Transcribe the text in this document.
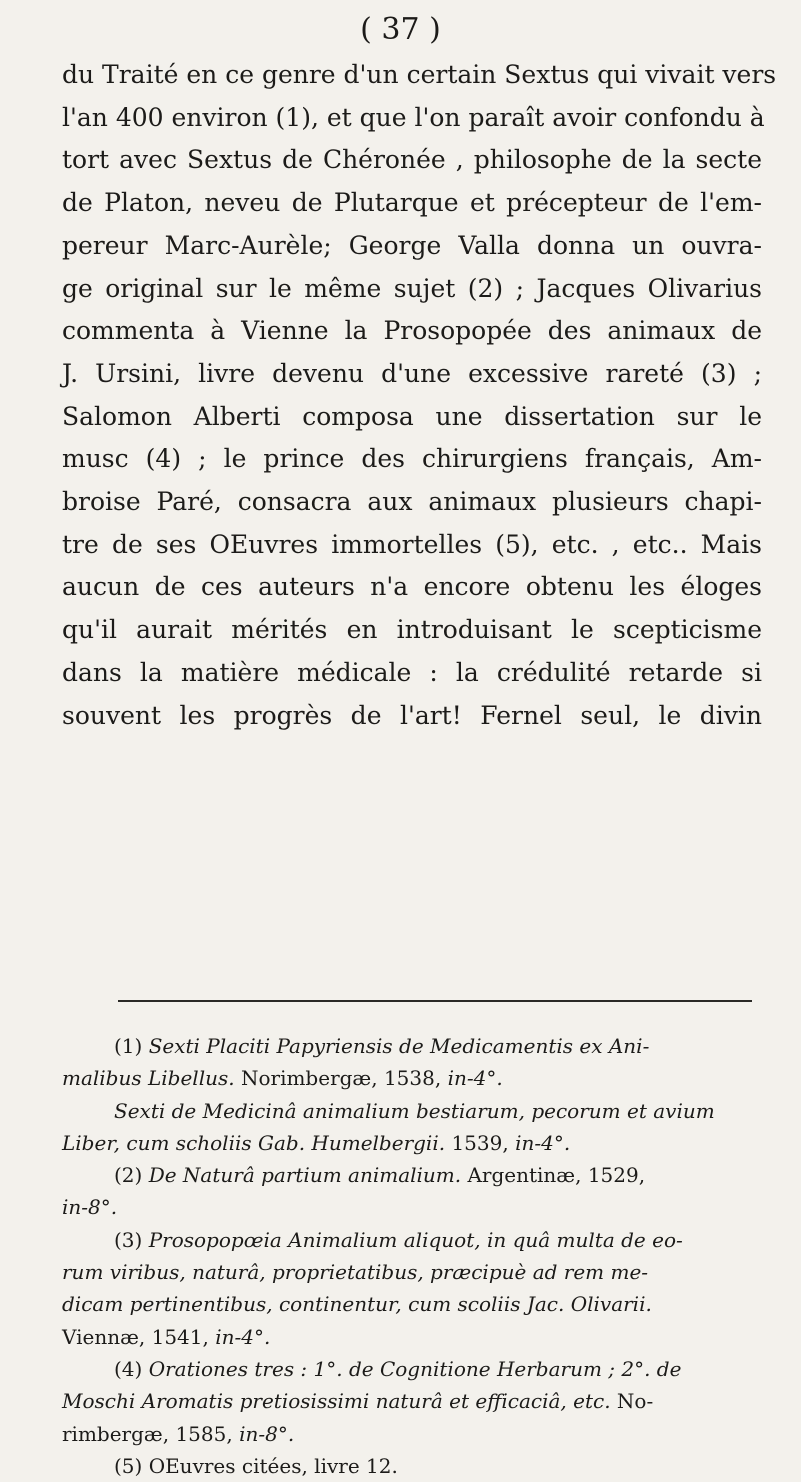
( 37 )
du Traité en ce genre d'un certain Sextus qui vivait vers
l'an 400 environ (1), et que l'on paraît avoir confondu à
tort avec Sextus de Chéronée , philosophe de la secte
de Platon, neveu de Plutarque et précepteur de l'em-
pereur Marc-Aurèle; George Valla donna un ouvra-
ge original sur le même sujet (2) ; Jacques Olivarius
commenta à Vienne la Prosopopée des animaux de
J. Ursini, livre devenu d'une excessive rareté (3) ;
Salomon Alberti composa une dissertation sur le
musc (4) ; le prince des chirurgiens français, Am-
broise Paré, consacra aux animaux plusieurs chapi-
tre de ses OEuvres immortelles (5), etc. , etc.. Mais
aucun de ces auteurs n'a encore obtenu les éloges
qu'il aurait mérités en introduisant le scepticisme
dans la matière médicale : la crédulité retarde si
souvent les progrès de l'art! Fernel seul, le divin
(1) Sexti Placiti Papyriensis de Medicamentis ex Ani-
malibus Libellus. Norimbergæ, 1538, in-4°.
Sexti de Medicinâ animalium bestiarum, pecorum et avium
Liber, cum scholiis Gab. Humelbergii. 1539, in-4°.
(2) De Naturâ partium animalium. Argentinæ, 1529,
in-8°.
(3) Prosopopœia Animalium aliquot, in quâ multa de eo-
rum viribus, naturâ, proprietatibus, præcipuè ad rem me-
dicam pertinentibus, continentur, cum scoliis Jac. Olivarii.
Viennæ, 1541, in-4°.
(4) Orationes tres : 1°. de Cognitione Herbarum ; 2°. de
Moschi Aromatis pretiosissimi naturâ et efficaciâ, etc. No-
rimbergæ, 1585, in-8°.
(5) OEuvres citées, livre 12.
